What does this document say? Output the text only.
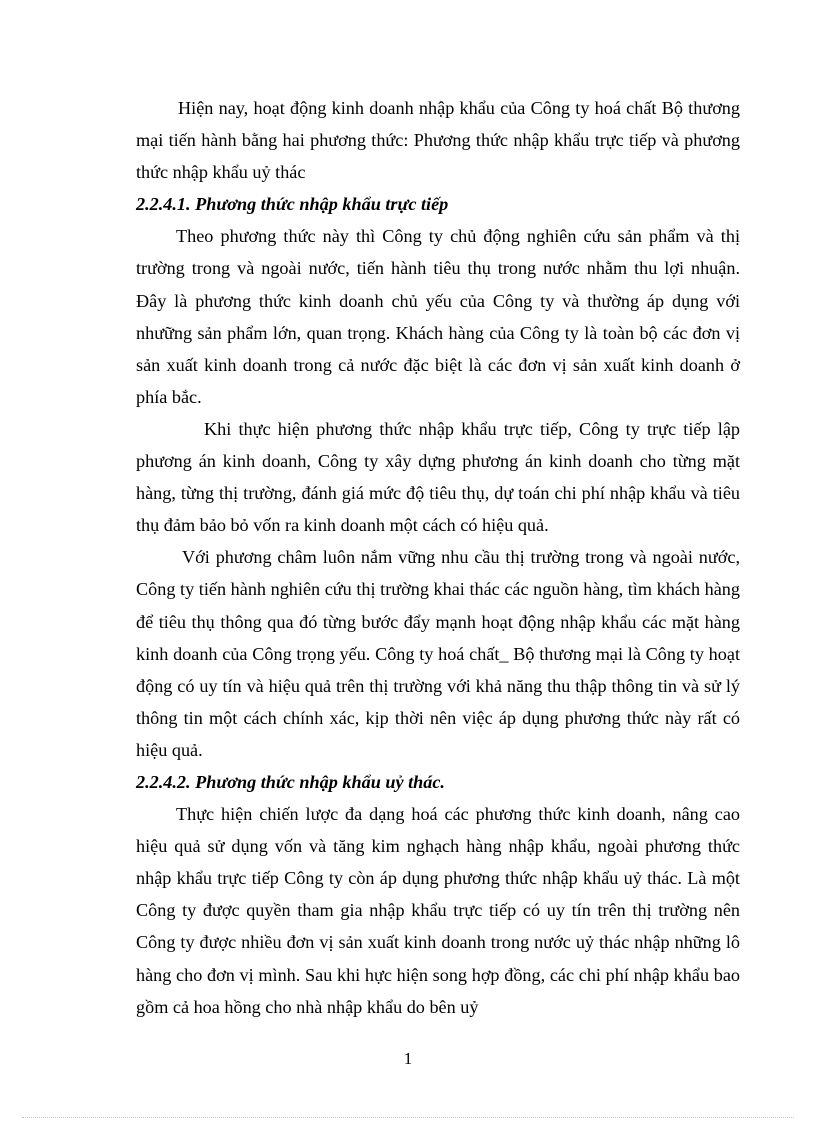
Hiện nay, hoạt động kinh doanh nhập khẩu của Công ty hoá chất Bộ thương mại tiến hành bằng hai phương thức: Phương thức nhập khẩu trực tiếp và phương thức nhập khẩu uỷ thác

2.2.4.1. Phương thức nhập khẩu trực tiếp

Theo phương thức này thì Công ty chủ động nghiên cứu sản phẩm và thị trường trong và ngoài nước, tiến hành tiêu thụ trong nước nhằm thu lợi nhuận. Đây là phương thức kinh doanh chủ yếu của Công ty và thường áp dụng với nhưững sản phẩm lớn, quan trọng. Khách hàng của Công ty là toàn bộ các đơn vị sản xuất kinh doanh trong cả nước đặc biệt là các đơn vị sản xuất kinh doanh ở phía bắc.

Khi thực hiện phương thức nhập khẩu trực tiếp, Công ty trực tiếp lập phương án kinh doanh, Công ty xây dựng phương án kinh doanh cho từng mặt hàng, từng thị trường, đánh giá mức độ tiêu thụ, dự toán chi phí nhập khẩu và tiêu thụ đảm bảo bỏ vốn ra kinh doanh một cách có hiệu quả.

Với phương châm luôn nắm vững nhu cầu thị trường trong và ngoài nước, Công ty tiến hành nghiên cứu thị trường khai thác các nguồn hàng, tìm khách hàng để tiêu thụ thông qua đó từng bước đẩy mạnh hoạt động nhập khẩu các mặt hàng kinh doanh của Công trọng yếu. Công ty hoá chất_ Bộ thương mại là Công ty hoạt động có uy tín và hiệu quả trên thị trường với khả năng thu thập thông tin và sử lý thông tin một cách chính xác, kịp thời nên việc áp dụng phương thức này rất có hiệu quả.

2.2.4.2. Phương thức nhập khẩu uỷ thác.

Thực hiện chiến lược đa dạng hoá các phương thức kinh doanh, nâng cao hiệu quả sử dụng vốn và tăng kim nghạch hàng nhập khẩu, ngoài phương thức nhập khẩu trực tiếp Công ty còn áp dụng phương thức nhập khẩu uỷ thác. Là một Công ty được quyền tham gia nhập khẩu trực tiếp có uy tín trên thị trường nên Công ty được nhiều đơn vị sản xuất kinh doanh trong nước uỷ thác nhập những lô hàng cho đơn vị mình. Sau khi hực hiện song hợp đồng, các chi phí nhập khẩu bao gồm cả hoa hồng cho nhà nhập khẩu do bên uỷ

1
